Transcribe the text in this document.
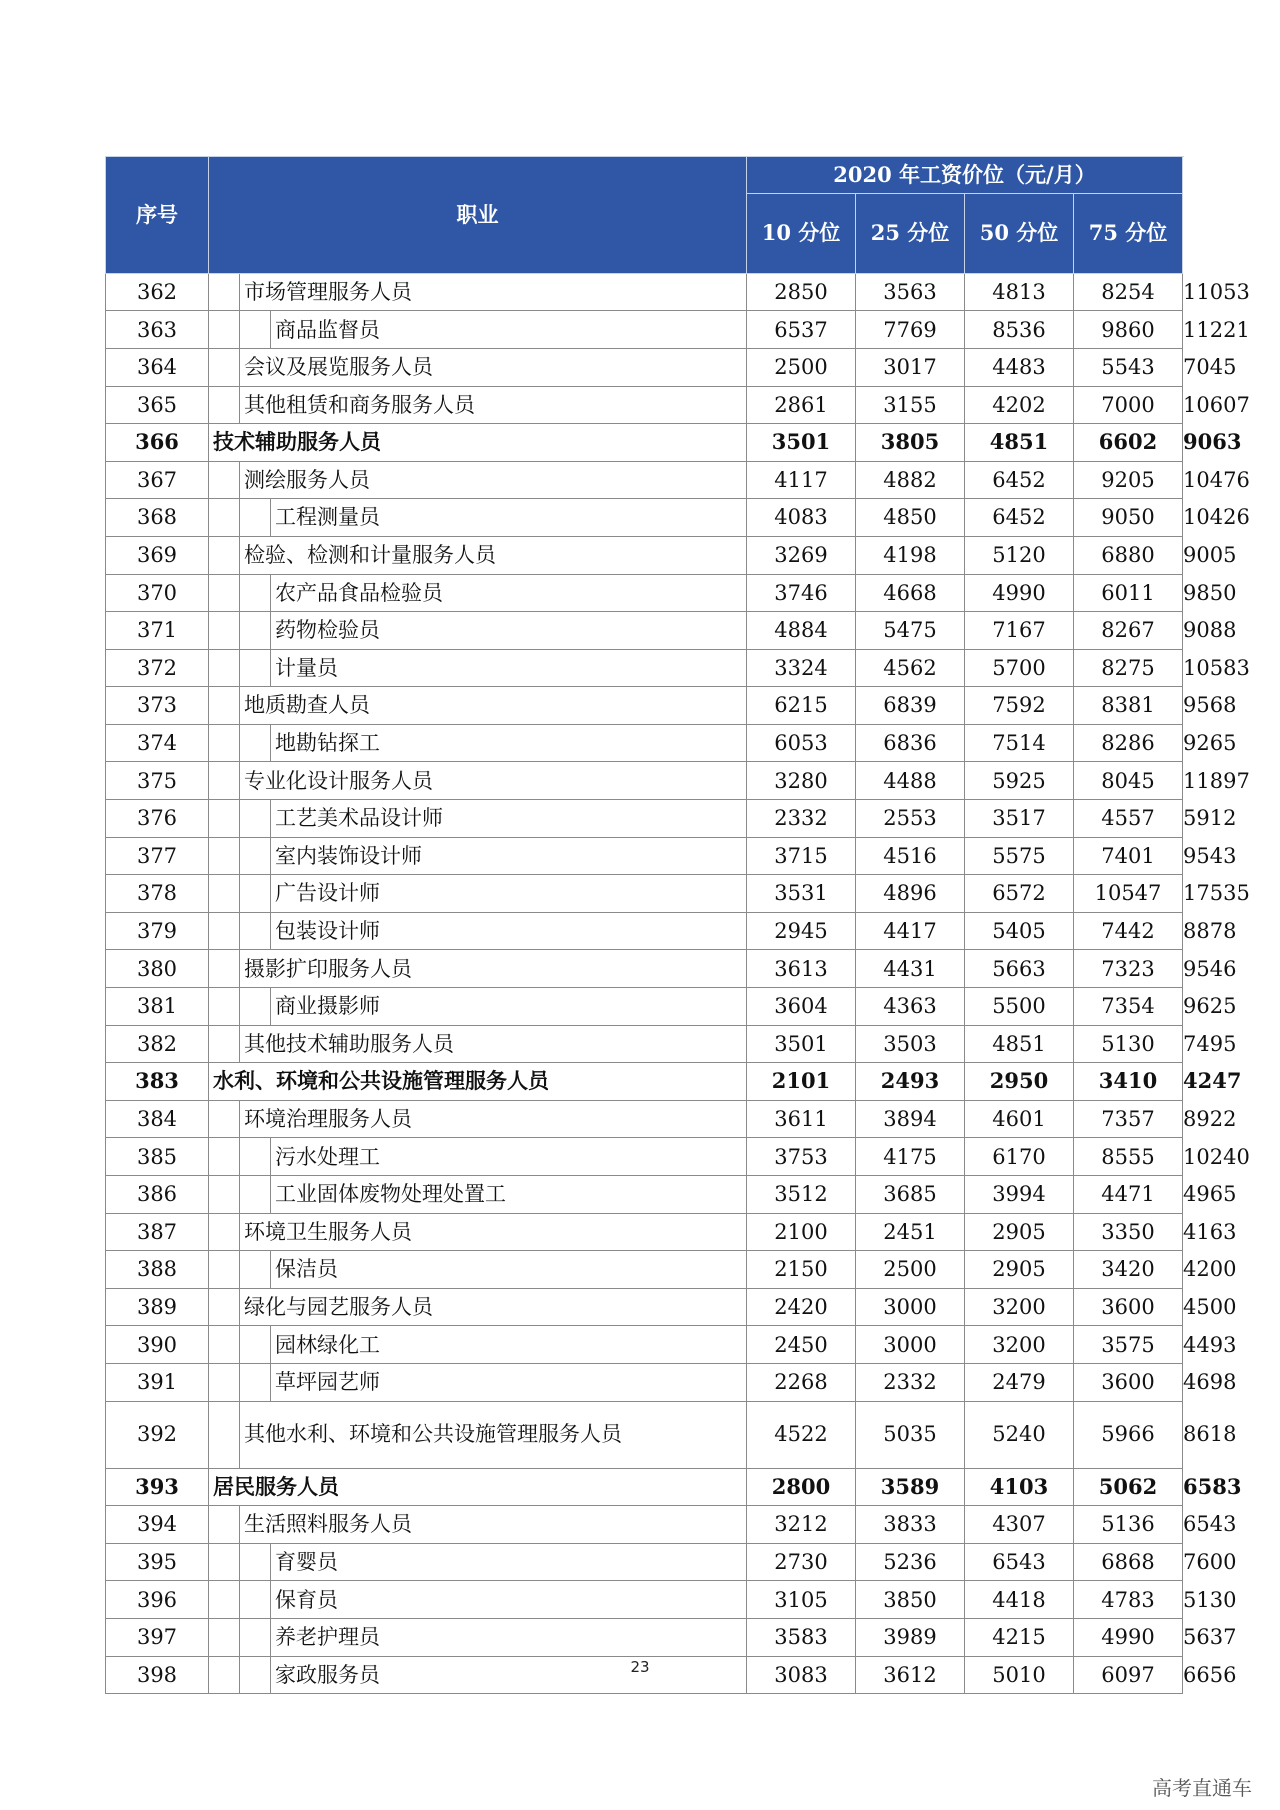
序号	职业			2020 年工资价位（元/月）				
				10 分位	25 分位	50 分位	75 分位	90 分位
362		市场管理服务人员		2850	3563	4813	8254	11053
363			商品监督员	6537	7769	8536	9860	11221
364		会议及展览服务人员		2500	3017	4483	5543	7045
365		其他租赁和商务服务人员		2861	3155	4202	7000	10607
366	技术辅助服务人员			3501	3805	4851	6602	9063
367		测绘服务人员		4117	4882	6452	9205	10476
368			工程测量员	4083	4850	6452	9050	10426
369		检验、检测和计量服务人员		3269	4198	5120	6880	9005
370			农产品食品检验员	3746	4668	4990	6011	9850
371			药物检验员	4884	5475	7167	8267	9088
372			计量员	3324	4562	5700	8275	10583
373		地质勘查人员		6215	6839	7592	8381	9568
374			地勘钻探工	6053	6836	7514	8286	9265
375		专业化设计服务人员		3280	4488	5925	8045	11897
376			工艺美术品设计师	2332	2553	3517	4557	5912
377			室内装饰设计师	3715	4516	5575	7401	9543
378			广告设计师	3531	4896	6572	10547	17535
379			包装设计师	2945	4417	5405	7442	8878
380		摄影扩印服务人员		3613	4431	5663	7323	9546
381			商业摄影师	3604	4363	5500	7354	9625
382		其他技术辅助服务人员		3501	3503	4851	5130	7495
383	水利、环境和公共设施管理服务人员			2101	2493	2950	3410	4247
384		环境治理服务人员		3611	3894	4601	7357	8922
385			污水处理工	3753	4175	6170	8555	10240
386			工业固体废物处理处置工	3512	3685	3994	4471	4965
387		环境卫生服务人员		2100	2451	2905	3350	4163
388			保洁员	2150	2500	2905	3420	4200
389		绿化与园艺服务人员		2420	3000	3200	3600	4500
390			园林绿化工	2450	3000	3200	3575	4493
391			草坪园艺师	2268	2332	2479	3600	4698
392		其他水利、环境和公共设施管理服务人员		4522	5035	5240	5966	8618
393	居民服务人员			2800	3589	4103	5062	6583
394		生活照料服务人员		3212	3833	4307	5136	6543
395			育婴员	2730	5236	6543	6868	7600
396			保育员	3105	3850	4418	4783	5130
397			养老护理员	3583	3989	4215	4990	5637
398			家政服务员	3083	3612	5010	6097	6656
23
高考直通车
